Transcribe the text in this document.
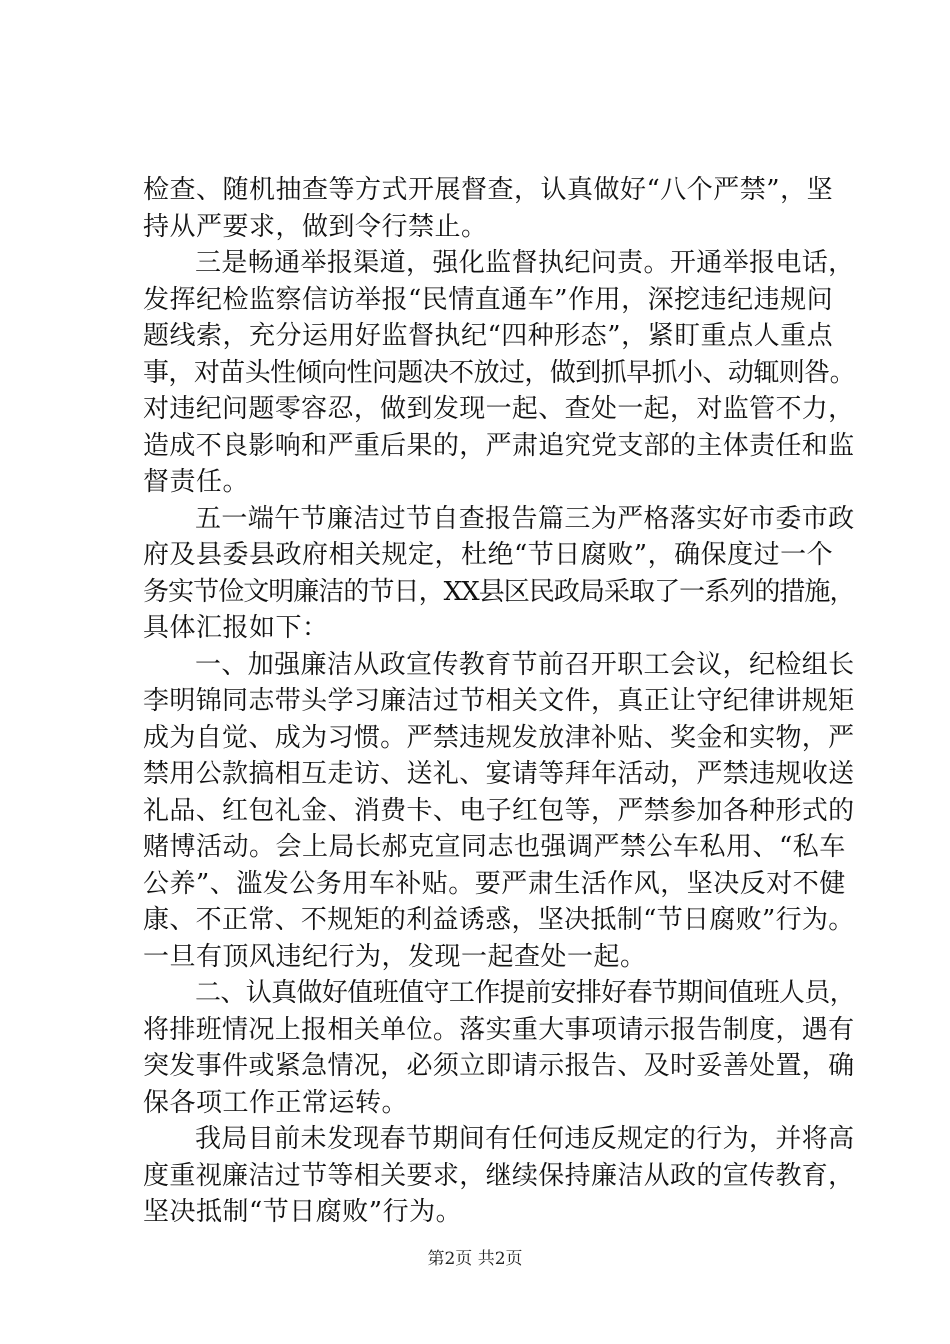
检查、随机抽查等方式开展督查，认真做好“八个严禁”，坚
持从严要求，做到令行禁止。
三是畅通举报渠道，强化监督执纪问责。开通举报电话，
发挥纪检监察信访举报“民情直通车”作用，深挖违纪违规问
题线索，充分运用好监督执纪“四种形态”，紧盯重点人重点
事，对苗头性倾向性问题决不放过，做到抓早抓小、动辄则咎。
对违纪问题零容忍，做到发现一起、查处一起，对监管不力，
造成不良影响和严重后果的，严肃追究党支部的主体责任和监
督责任。
五一端午节廉洁过节自查报告篇三为严格落实好市委市政
府及县委县政府相关规定，杜绝“节日腐败”，确保度过一个
务实节俭文明廉洁的节日，XX县区民政局采取了一系列的措施，
具体汇报如下：
一、加强廉洁从政宣传教育节前召开职工会议，纪检组长
李明锦同志带头学习廉洁过节相关文件，真正让守纪律讲规矩
成为自觉、成为习惯。严禁违规发放津补贴、奖金和实物，严
禁用公款搞相互走访、送礼、宴请等拜年活动，严禁违规收送
礼品、红包礼金、消费卡、电子红包等，严禁参加各种形式的
赌博活动。会上局长郝克宣同志也强调严禁公车私用、“私车
公养”、滥发公务用车补贴。要严肃生活作风，坚决反对不健
康、不正常、不规矩的利益诱惑，坚决抵制“节日腐败”行为。
一旦有顶风违纪行为，发现一起查处一起。
二、认真做好值班值守工作提前安排好春节期间值班人员，
将排班情况上报相关单位。落实重大事项请示报告制度，遇有
突发事件或紧急情况，必须立即请示报告、及时妥善处置，确
保各项工作正常运转。
我局目前未发现春节期间有任何违反规定的行为，并将高
度重视廉洁过节等相关要求，继续保持廉洁从政的宣传教育，
坚决抵制“节日腐败”行为。
第2页 共2页
